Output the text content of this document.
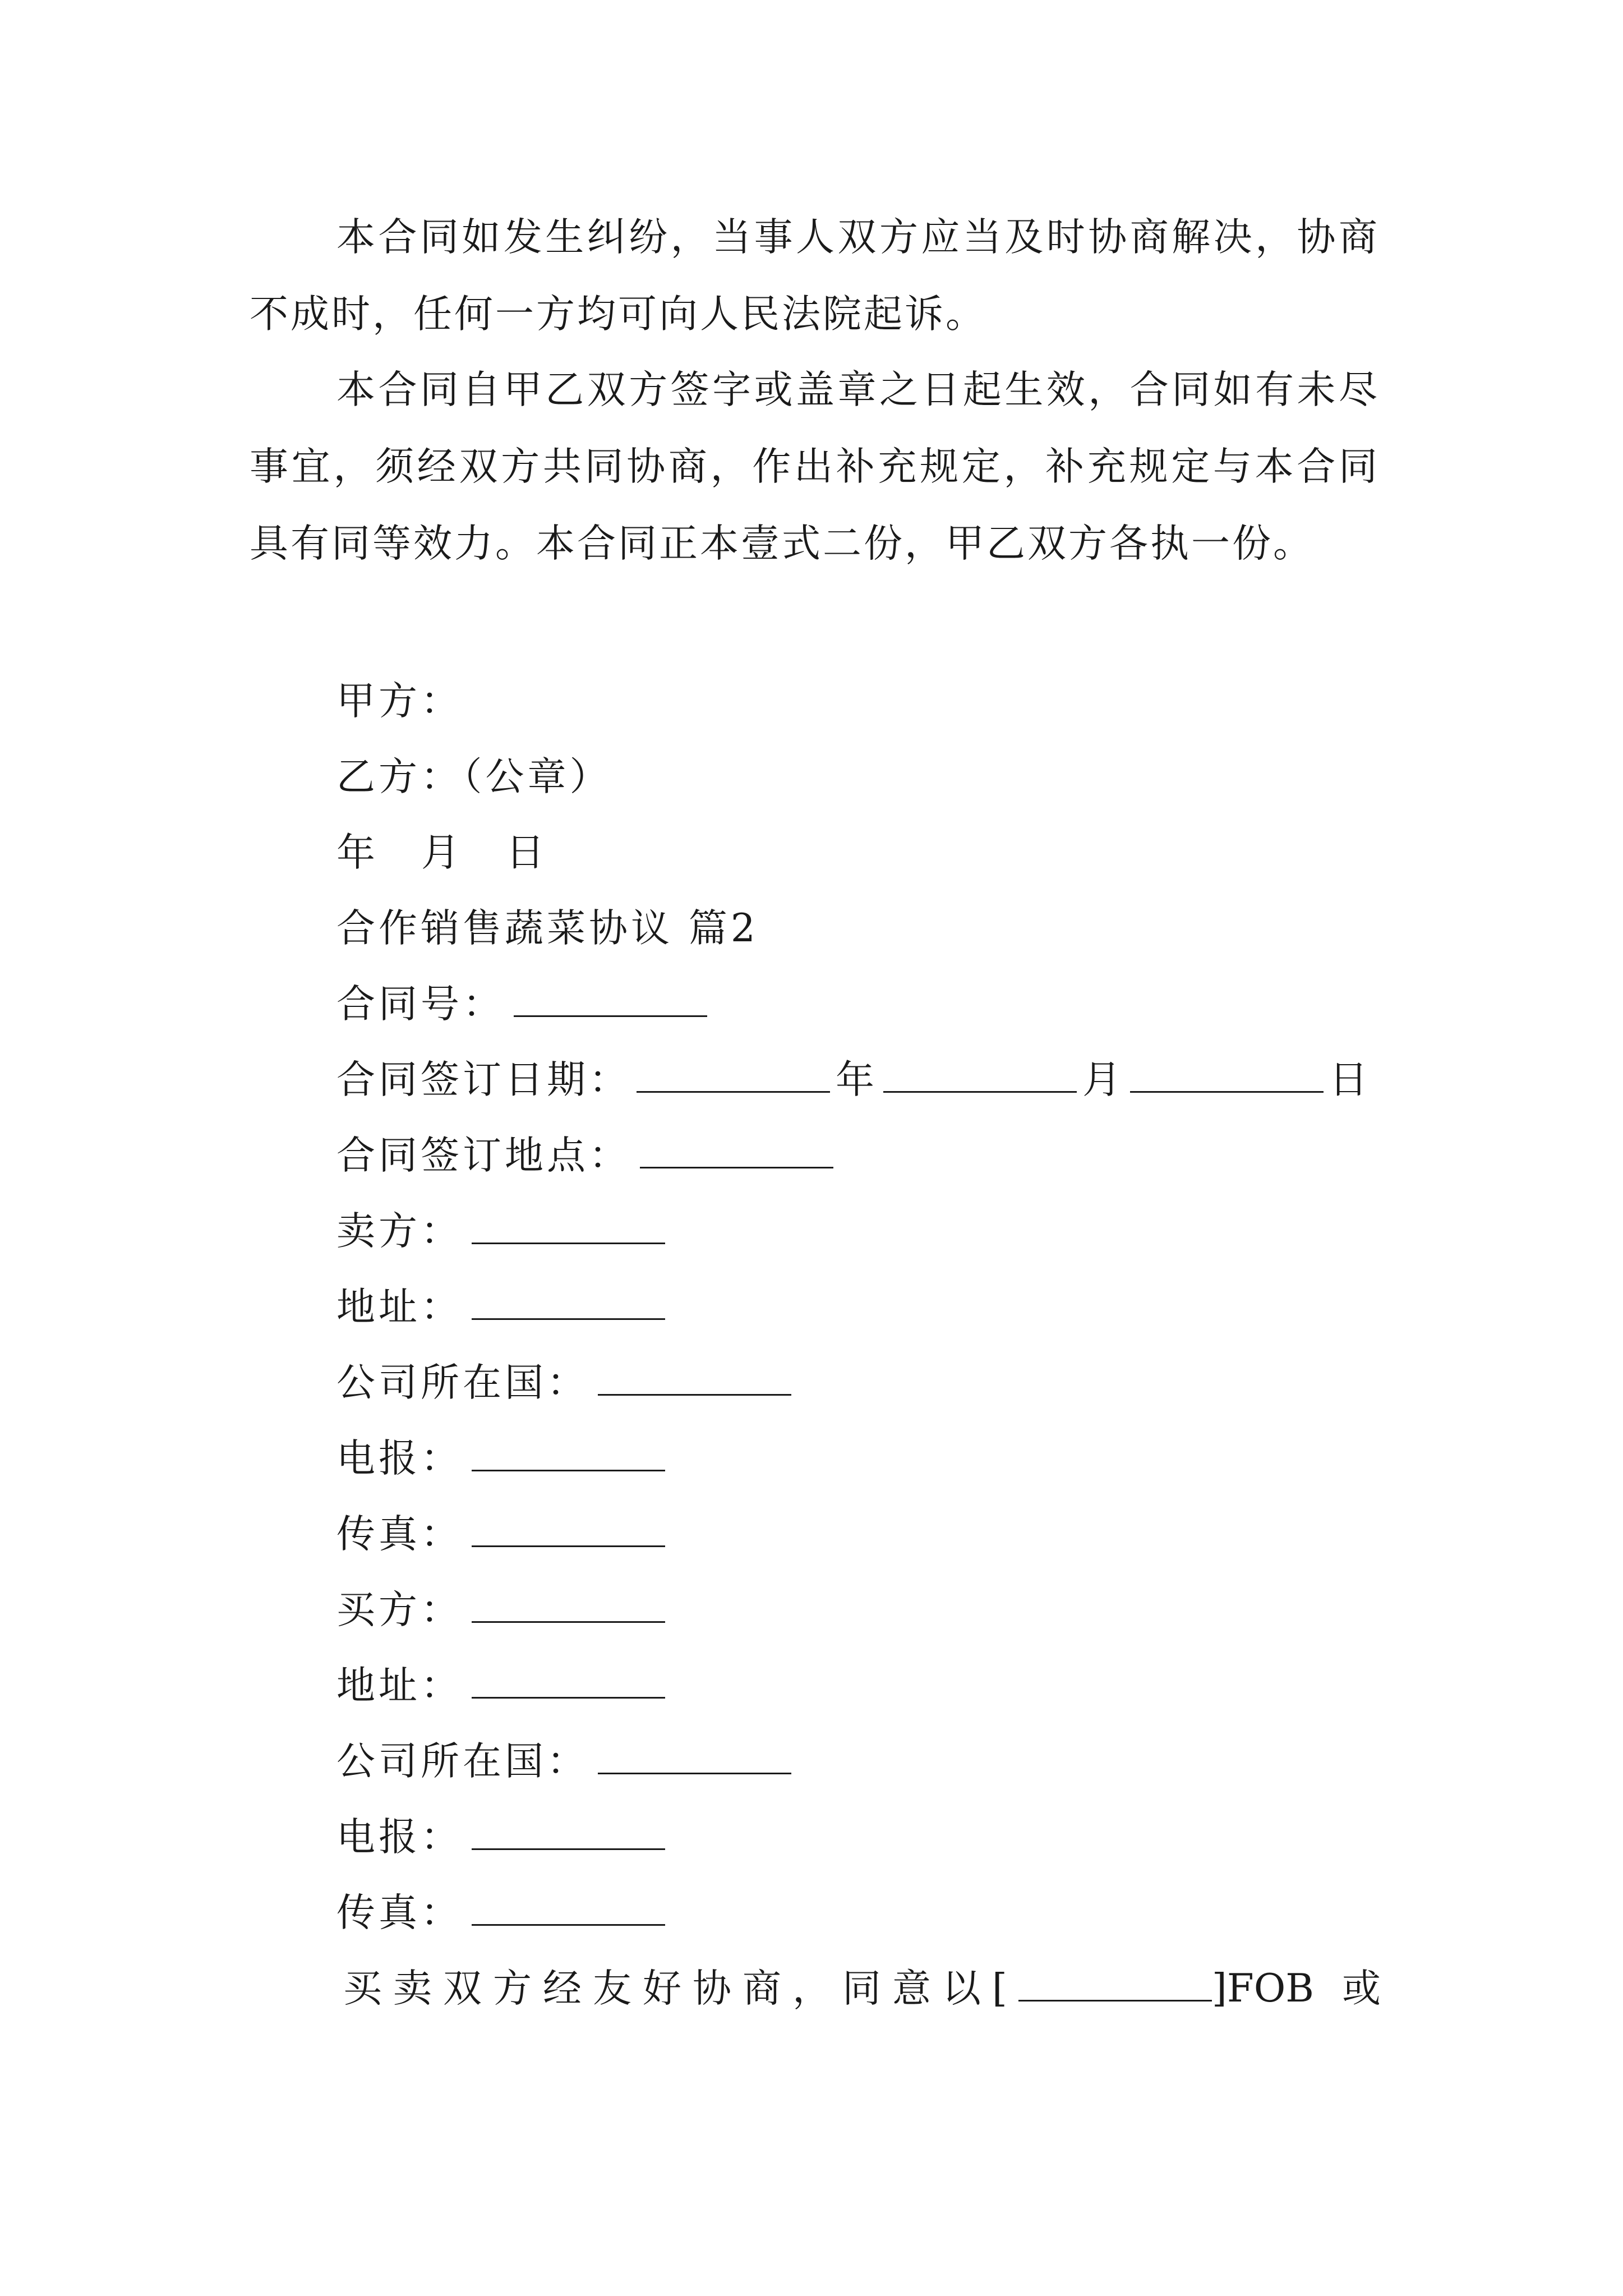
本合同如发生纠纷，当事人双方应当及时协商解决，协商不成时，任何一方均可向人民法院起诉。

本合同自甲乙双方签字或盖章之日起生效，合同如有未尽事宜，须经双方共同协商，作出补充规定，补充规定与本合同具有同等效力。本合同正本壹式二份，甲乙双方各执一份。

甲方：
乙方：（公章）
年 月 日
合作销售蔬菜协议 篇2
合同号：
合同签订日期：	年	月	日
合同签订地点：
卖方：
地址：
公司所在国：
电报：
传真：
买方：
地址：
公司所在国：
电报：
传真：
买卖双方经友好协商，同意以[	]FOB 或
